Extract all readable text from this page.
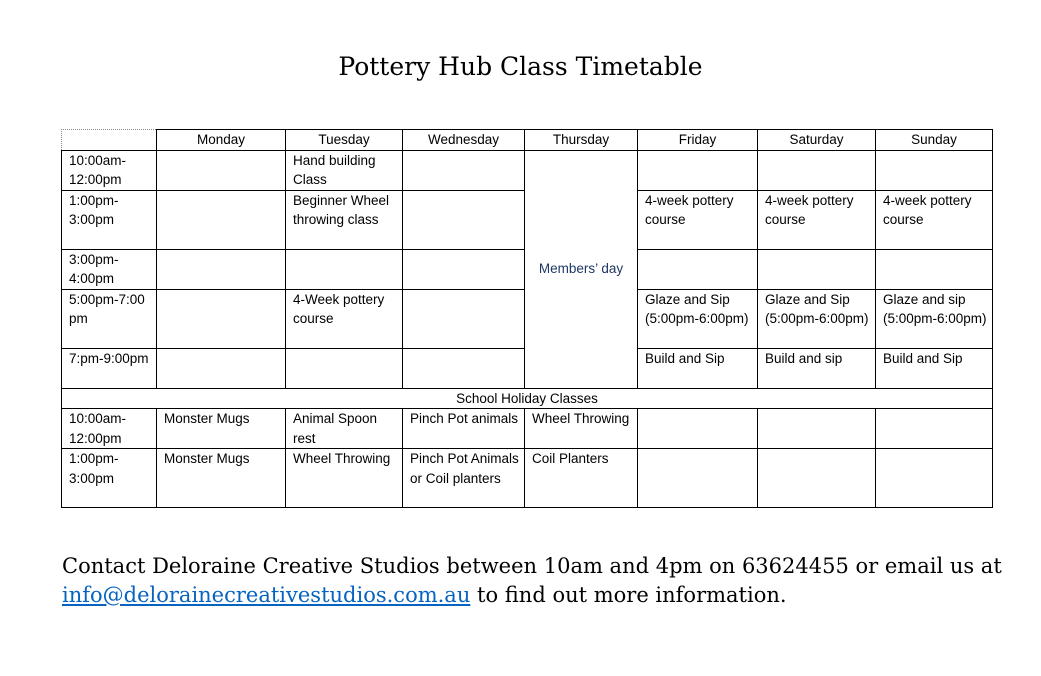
Pottery Hub Class Timetable
	Monday	Tuesday	Wednesday	Thursday	Friday	Saturday	Sunday
10:00am-12:00pm		Hand building Class		Members’ day			
1:00pm-3:00pm		Beginner Wheel throwing class			4-week pottery course	4-week pottery course	4-week pottery course
3:00pm-4:00pm							
5:00pm-7:00 pm		4-Week pottery course			Glaze and Sip (5:00pm-6:00pm)	Glaze and Sip (5:00pm-6:00pm)	Glaze and sip (5:00pm-6:00pm)
7:pm-9:00pm					Build and Sip	Build and sip	Build and Sip
School Holiday Classes							
10:00am-12:00pm	Monster Mugs	Animal Spoon rest	Pinch Pot animals	Wheel Throwing			
1:00pm-3:00pm	Monster Mugs	Wheel Throwing	Pinch Pot Animals or Coil planters	Coil Planters			
Contact Deloraine Creative Studios between 10am and 4pm on 63624455 or email us at info@delorainecreativestudios.com.au to find out more information.
